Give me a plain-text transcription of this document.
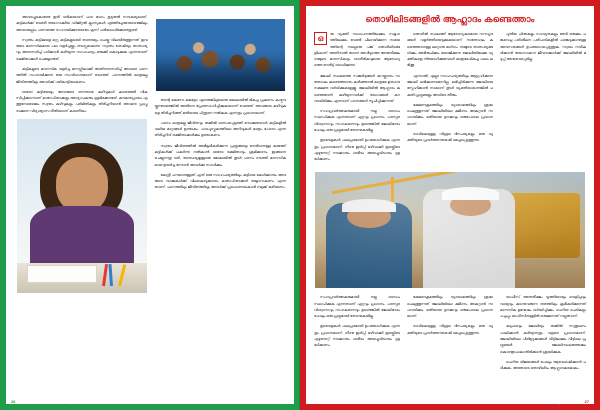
അവരച്ചുകൊണ്ടേ ഇരി വരികയാണ് പാഠ ഭാഗം കൂടുതൽ സൗകര്യമാണ്. കുട്ടികൾക്ക് വേണ്ടി തയാറാക്കിയ ഡിജിറ്റൽ ക്ലാസുകൾ എത്തിച്ചേരുന്നുണ്ടെങ്കിലും അവയെല്ലാം പഠനത്തെ സഹായിക്കുന്നുണ്ടോ എന്ന് പരിശോധിക്കേണ്ടതുണ്ട്.

സ്വന്തം കുട്ടിക്കളെ മറ്റു കുട്ടികളുമായി താരതമ്യം ചെയ്തു വിലയിരുത്തുന്നത് ഇവരുടെ മാനസികമായ പല വളർച്ചയ്ക്കും തടസ്സമാകുന്നു. സ്വന്തം ശേഷിയും താത്പര്യവും അനുസരിച്ച് പഠിക്കാൻ കഴിയുന്ന സാഹചര്യം ഒരുക്കി കൊടുക്കുക എന്നതാണ് രക്ഷിതാക്കൾ ചെയ്യേണ്ടത്.

കുട്ടികളുടെ മാനസിക വളർച്ച മനസ്സിലാക്കി അതിനനുസരിച്ച് അവരെ പഠനത്തിൽ സഹായിക്കുന്ന ഒരു സംവിധാനമാണ് വേണ്ടത്. പഠനത്തിൽ മാത്രമല്ല ജീവിതത്തിലും അവർക്ക് വഴികാട്ടിയാകണം.

ഓരോ കുട്ടിയേയും അവരുടെ തനതായ കഴിവുകൾ കണ്ടെത്തി വികസിപ്പിക്കാനാണ് മാതാപിതാക്കളും അധ്യാപകരും ശ്രമിക്കേണ്ടത്. കൗമാരപ്രായം എത്തുമ്പോഴേക്കും സ്വന്തം കഴിവുകളും പരിമിതികളും തിരിച്ചറിയാൻ അവരെ പ്രാപ്തരാക്കുന്ന വിദ്യാഭ്യാസ രീതിയാണ് കരണീയം.

തന്റെ മകനോ മകളോ എന്തെങ്കിലുമൊരു മേഖലയിൽ മികച്ച പ്രകടനം കാഴ്ചവയ്ക്കുന്നുണ്ടെങ്കിൽ അതിനെ പ്രോത്സാഹിപ്പിക്കുകയാണ് വേണ്ടത്. അവരുടെ കഴിവുകളെ തിരിച്ചറിഞ്ഞ് മതിയായ പിന്തുണ നൽകുക എന്നതും പ്രധാനമാണ്.

പഠനം മാത്രമല്ല ജീവിതവും തമ്മിൽ ബന്ധപ്പെടുത്തി നോക്കുമ്പോൾ കുട്ടികളിൽ വലിയ മാറ്റങ്ങൾ ഉണ്ടാകും. പാഠപുസ്തകത്തിലെ അറിവുകൾ മാത്രം പോരാ എന്ന തിരിച്ചറിവ് രക്ഷിതാക്കൾക്കും ഉണ്ടാകണം.

സ്വന്തം ജീവിതത്തിൽ അഭിമുഖീകരിക്കുന്ന പ്രശ്നങ്ങളെ നേരിടാനുള്ള കരുത്ത് കുട്ടികൾക്ക് പകർന്നു നൽകാൻ ഓരോ രക്ഷിതാവും ശ്രമിക്കണം. ഇങ്ങനെ ചെയ്യുന്നതു വഴി, താത്പര്യമുള്ളതെ മേഖലയിൽ തുടർ പഠനം നടത്തി മാനസികമായ ഉയർച്ച നേടാൻ അവർക്കു സാധിക്കും.

കേന്ദ്രീ പറയാനുള്ളത് ഏത് ഒരു സാഹചര്യത്തിലും കുട്ടിയെ കേൾക്കാനും അവരുടെ വാക്കുകൾക്ക് വിലകൊടുക്കാനും മാതാപിതാക്കൾ തയ്യാറാകണം എന്നതാണ്. പഠനത്തിലും ജീവിതത്തിലും അവർക്ക് പ്രചോദനമാകാൻ നമുക്ക് കഴിയണം.

26	വനിതാ ആരോഗ്യം | സെപ്റ്റംബർ 2019
തൊഴിലിടങ്ങളിൽ ആഹ്ലാദം കണ്ടെത്താം
ഒ	രു വ്യക്തി സ്ഥാപനത്തിലേക്കും സമൂഹത്തിലേക്കും വേണ്ടി ചിലവഴിക്കുന്ന സമയത്തിന്റെ നല്ലൊരു പങ്ക് തൊഴിലിടങ്ങളിലാണ്. അതിനാൽ തന്നെ അവിടുത്തെ അന്തരീക്ഷം നമ്മുടെ മാനസികവും ശാരീരികവുമായ ആരോഗ്യത്തെ നേരിട്ട് ബാധിക്കുന്നു.

ജോലി സ്ഥലത്തെ സമ്മർദ്ദങ്ങൾ കുറയ്ക്കാനും സന്തോഷം കണ്ടെത്താനും കഴിഞ്ഞാൽ മാത്രമേ ഉത്പാദനക്ഷമത വർധിക്കുകയുള്ളൂ. ജോലിയിൽ ആഹ്ലാദം കണ്ടെത്താൻ കഴിയുന്നവർക്ക് രോഗങ്ങൾ കുറവായിരിക്കും എന്നാണ് പഠനങ്ങൾ സൂചിപ്പിക്കുന്നത്.

സഹപ്രവർത്തകരുമായി നല്ല ബന്ധം സ്ഥാപിക്കുക എന്നതാണ് ഏറ്റവും പ്രധാനം. പരസ്പര വിശ്വാസവും സഹകരണവും ഉണ്ടെങ്കിൽ ജോലിഭാരം പോലും ഒരു പ്രശ്നമായി തോന്നുകയില്ല.

ഇടവേളകൾ ഫലപ്രദമായി ഉപയോഗിക്കുക എന്നതും പ്രധാനമാണ്. നീണ്ട ഇരിപ്പ് ഒഴിവാക്കി ഇടയ്ക്കിടെ എഴുന്നേറ്റ് നടക്കാനും ശരീരം അയച്ചുവിടാനും ശ്രദ്ധിക്കണം.

തൊഴിൽ സ്ഥലത്ത് ആരോഗ്യകരമായ സൗഹൃദങ്ങൾ വളർത്തിയെടുക്കുകയാണ് സന്തോഷം കണ്ടെത്താനുള്ള മറ്റൊരു മാർഗം. നമ്മുടെ താത്പര്യങ്ങൾക്കും അഭിരുചിക്കും യോജിക്കുന്ന ജോലിയിലേക്കു വ്യക്തികളെ നിയോഗിക്കുമ്പോൾ മാത്രമേ മികച്ച ഫലം ലഭിക്കൂ.

എന്നാൽ, എല്ലാ സാഹചര്യത്തിലും ആഗ്രഹിക്കുന്ന ജോലി ലഭിക്കണമെന്നില്ല. ലഭിച്ചിരിക്കുന്ന ജോലിയെ സ്നേഹിക്കാൻ നാമാണ് തുടർ വ്യക്തിയാണെങ്കിൽ പകുതി പ്രശ്നങ്ങളും അവിടെ തീരും.

ഭക്ഷണക്രമത്തിലും വ്യായാമത്തിലും ശ്രദ്ധ ചെലുത്തുന്നത് ജോലിയിലെ ക്ഷീണം അകറ്റാൻ സഹായിക്കും. മതിയായ ഉറക്കവും ഒരുപോലെ പ്രധാനമാണ്.

രാവിലെയുള്ള വിശ്രമ ദിനചര്യകളും ഒരു വ്യക്തിയുടെ പ്രവർത്തനശേഷി മെച്ചപ്പെടുത്തുന്നു.

പുതിയ ചിന്തകളും സാധ്യതകളും തേടി ഒരുക്കം പങ്കുവെച്ച പരിശീലന പരിപാടികളിൽ പങ്കെടുക്കാനുള്ള അവസരങ്ങൾ ഉപയോഗപ്പെടുത്തുക. സ്വയം നവീകരിക്കാൻ തയാറാകുന്ന ജീവനക്കാർക്ക് ജോലിയിൽ മടുപ്പ് അനുഭവപ്പെടില്ല.

സഹപ്രവർത്തകരുമായി നല്ല ബന്ധം സ്ഥാപിക്കുക എന്നതാണ് ഏറ്റവും പ്രധാനം. പരസ്പര വിശ്വാസവും സഹകരണവും ഉണ്ടെങ്കിൽ ജോലിഭാരം പോലും ഒരു പ്രശ്നമായി തോന്നുകയില്ല.

ഇടവേളകൾ ഫലപ്രദമായി ഉപയോഗിക്കുക എന്നതും പ്രധാനമാണ്. നീണ്ട ഇരിപ്പ് ഒഴിവാക്കി ഇടയ്ക്കിടെ എഴുന്നേറ്റ് നടക്കാനും ശരീരം അയച്ചുവിടാനും ശ്രദ്ധിക്കണം.

ഭക്ഷണക്രമത്തിലും വ്യായാമത്തിലും ശ്രദ്ധ ചെലുത്തുന്നത് ജോലിയിലെ ക്ഷീണം അകറ്റാൻ സഹായിക്കും. മതിയായ ഉറക്കവും ഒരുപോലെ പ്രധാനമാണ്.

രാവിലെയുള്ള വിശ്രമ ദിനചര്യകളും ഒരു വ്യക്തിയുടെ പ്രവർത്തനശേഷി മെച്ചപ്പെടുത്തുന്നു.

ഓഫീസ് അന്തരീക്ഷം വൃത്തിയായും വെളിച്ചവും വായുവും കടന്നുവരുന്ന തരത്തിലും ക്രമീകരിക്കുന്നത് മാനസിക ഉന്മേഷം വർദ്ധിപ്പിക്കും. ചെറിയ ചെടികളും പച്ചപ്പും ഓഫീസിനുള്ളിൽ ഒരുക്കുന്നത് നല്ലതാണ്.

കുടുംബവും ജോലിയും തമ്മിൽ സന്തുലനം പാലിക്കാൻ കഴിയുന്നതും വളരെ പ്രധാനമാണ്. ജോലിയിലെ പിരിമുറുക്കങ്ങൾ വീട്ടിലേക്കും വീട്ടിലെ പ്രശ്നങ്ങൾ ജോലിസ്ഥലത്തേക്കും കൊണ്ടുപോകാതിരിക്കാൻ ശ്രദ്ധിക്കുക.

ചെറിയ വിജയങ്ങൾ പോലും ആഘോഷിക്കാൻ പഠിക്കുക. അതോടെ തൊഴിലിടം ആഹ്ലാദകരമാകും.

വനിതാ ആരോഗ്യം | സെപ്റ്റംബർ 2019	27
